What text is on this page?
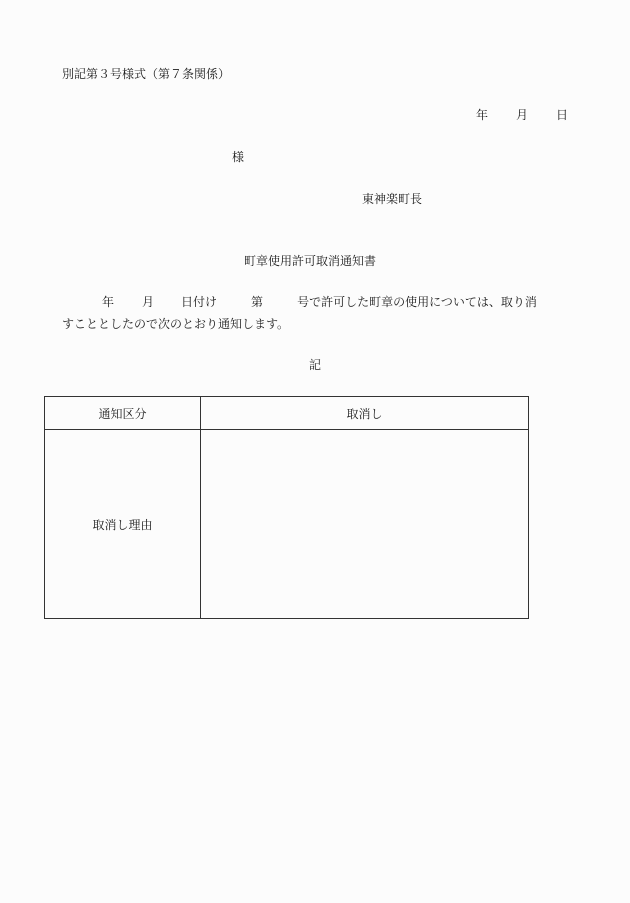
別記第３号様式（第７条関係）
年 月 日
様
東神楽町長
町章使用許可取消通知書
年 月 日付け	第	号で許可した町章の使用については、取り消
すこととしたので次のとおり通知します。
記
通知区分	取消し
取消し理由	
